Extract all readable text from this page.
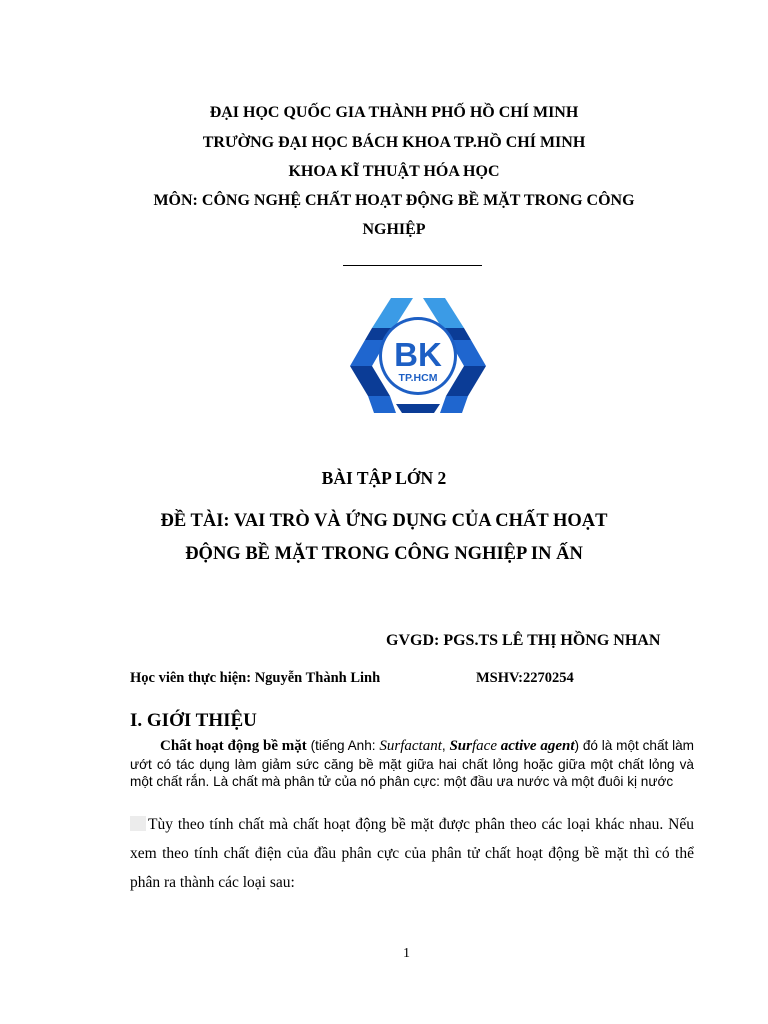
ĐẠI HỌC QUỐC GIA THÀNH PHỐ HỒ CHÍ MINH
TRƯỜNG ĐẠI HỌC BÁCH KHOA TP.HỒ CHÍ MINH
KHOA KĨ THUẬT HÓA HỌC
MÔN: CÔNG NGHỆ CHẤT HOẠT ĐỘNG BỀ MẶT TRONG CÔNG
NGHIỆP
BK
TP.HCM
BÀI TẬP LỚN 2
ĐỀ TÀI: VAI TRÒ VÀ ỨNG DỤNG CỦA CHẤT HOẠT
ĐỘNG BỀ MẶT TRONG CÔNG NGHIỆP IN ẤN
GVGD: PGS.TS LÊ THỊ HỒNG NHAN
Học viên thực hiện: Nguyễn Thành Linh	MSHV:2270254
I. GIỚI THIỆU
Chất hoạt động bề mặt (tiếng Anh: Surfactant, Surface active agent) đó là một chất làm ướt có tác dụng làm giảm sức căng bề mặt giữa hai chất lỏng hoặc giữa một chất lỏng và một chất rắn. Là chất mà phân tử của nó phân cực: một đầu ưa nước và một đuôi kị nước
Tùy theo tính chất mà chất hoạt động bề mặt được phân theo các loại khác nhau. Nếu xem theo tính chất điện của đầu phân cực của phân tử chất hoạt động bề mặt thì có thể phân ra thành các loại sau:
1
